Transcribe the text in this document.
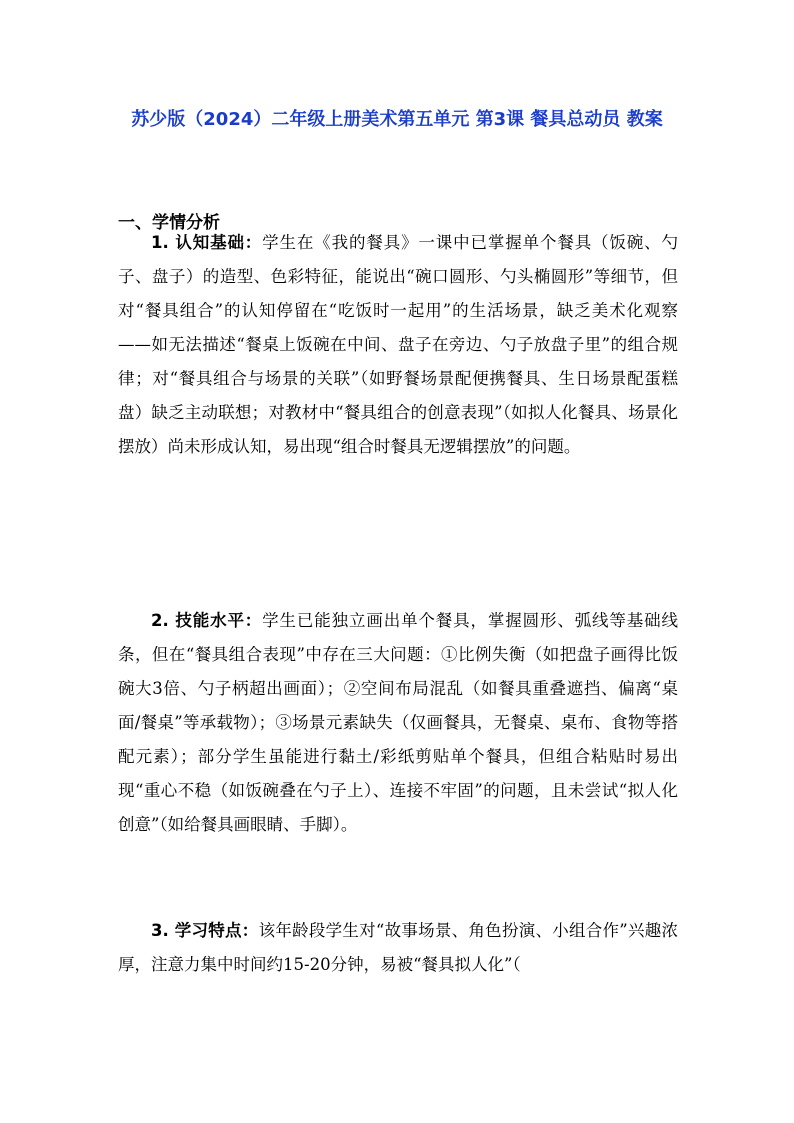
苏少版（2024）二年级上册美术第五单元 第3课 餐具总动员 教案
一、学情分析

1. 认知基础：学生在《我的餐具》一课中已掌握单个餐具（饭碗、勺子、盘子）的造型、色彩特征，能说出“碗口圆形、勺头椭圆形”等细节，但对“餐具组合”的认知停留在“吃饭时一起用”的生活场景，缺乏美术化观察——如无法描述“餐桌上饭碗在中间、盘子在旁边、勺子放盘子里”的组合规律；对“餐具组合与场景的关联”（如野餐场景配便携餐具、生日场景配蛋糕盘）缺乏主动联想；对教材中“餐具组合的创意表现”（如拟人化餐具、场景化摆放）尚未形成认知，易出现“组合时餐具无逻辑摆放”的问题。

2. 技能水平：学生已能独立画出单个餐具，掌握圆形、弧线等基础线条，但在“餐具组合表现”中存在三大问题：①比例失衡（如把盘子画得比饭碗大3倍、勺子柄超出画面）；②空间布局混乱（如餐具重叠遮挡、偏离“桌面/餐桌”等承载物）；③场景元素缺失（仅画餐具，无餐桌、桌布、食物等搭配元素）；部分学生虽能进行黏土/彩纸剪贴单个餐具，但组合粘贴时易出现“重心不稳（如饭碗叠在勺子上）、连接不牢固”的问题，且未尝试“拟人化创意”（如给餐具画眼睛、手脚）。

3. 学习特点：该年龄段学生对“故事场景、角色扮演、小组合作”兴趣浓厚，注意力集中时间约15-20分钟，易被“餐具拟人化”（
